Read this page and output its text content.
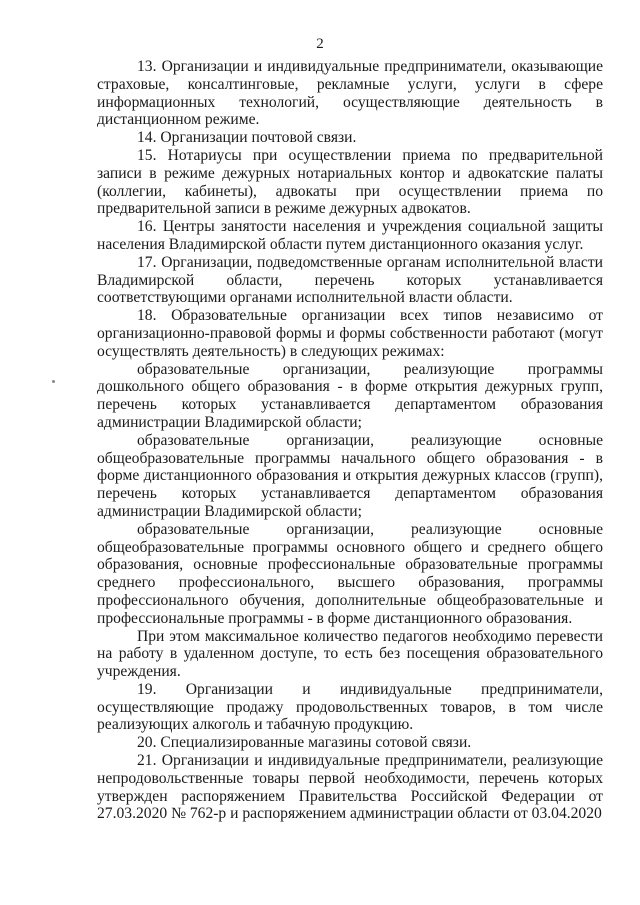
2

13. Организации и индивидуальные предприниматели, оказывающие страховые, консалтинговые, рекламные услуги, услуги в сфере информационных технологий, осуществляющие деятельность в дистанционном режиме.

14. Организации почтовой связи.

15. Нотариусы при осуществлении приема по предварительной записи в режиме дежурных нотариальных контор и адвокатские палаты (коллегии, кабинеты), адвокаты при осуществлении приема по предварительной записи в режиме дежурных адвокатов.

16. Центры занятости населения и учреждения социальной защиты населения Владимирской области путем дистанционного оказания услуг.

17. Организации, подведомственные органам исполнительной власти Владимирской области, перечень которых устанавливается соответствующими органами исполнительной власти области.

18. Образовательные организации всех типов независимо от организационно-правовой формы и формы собственности работают (могут осуществлять деятельность) в следующих режимах:

образовательные организации, реализующие программы дошкольного общего образования - в форме открытия дежурных групп, перечень которых устанавливается департаментом образования администрации Владимирской области;

образовательные организации, реализующие основные общеобразовательные программы начального общего образования - в форме дистанционного образования и открытия дежурных классов (групп), перечень которых устанавливается департаментом образования администрации Владимирской области;

образовательные организации, реализующие основные общеобразовательные программы основного общего и среднего общего образования, основные профессиональные образовательные программы среднего профессионального, высшего образования, программы профессионального обучения, дополнительные общеобразовательные и профессиональные программы - в форме дистанционного образования.

При этом максимальное количество педагогов необходимо перевести на работу в удаленном доступе, то есть без посещения образовательного учреждения.

19. Организации и индивидуальные предприниматели, осуществляющие продажу продовольственных товаров, в том числе реализующих алкоголь и табачную продукцию.

20. Специализированные магазины сотовой связи.

21. Организации и индивидуальные предприниматели, реализующие непродовольственные товары первой необходимости, перечень которых утвержден распоряжением Правительства Российской Федерации от 27.03.2020 № 762-р и распоряжением администрации области от 03.04.2020
